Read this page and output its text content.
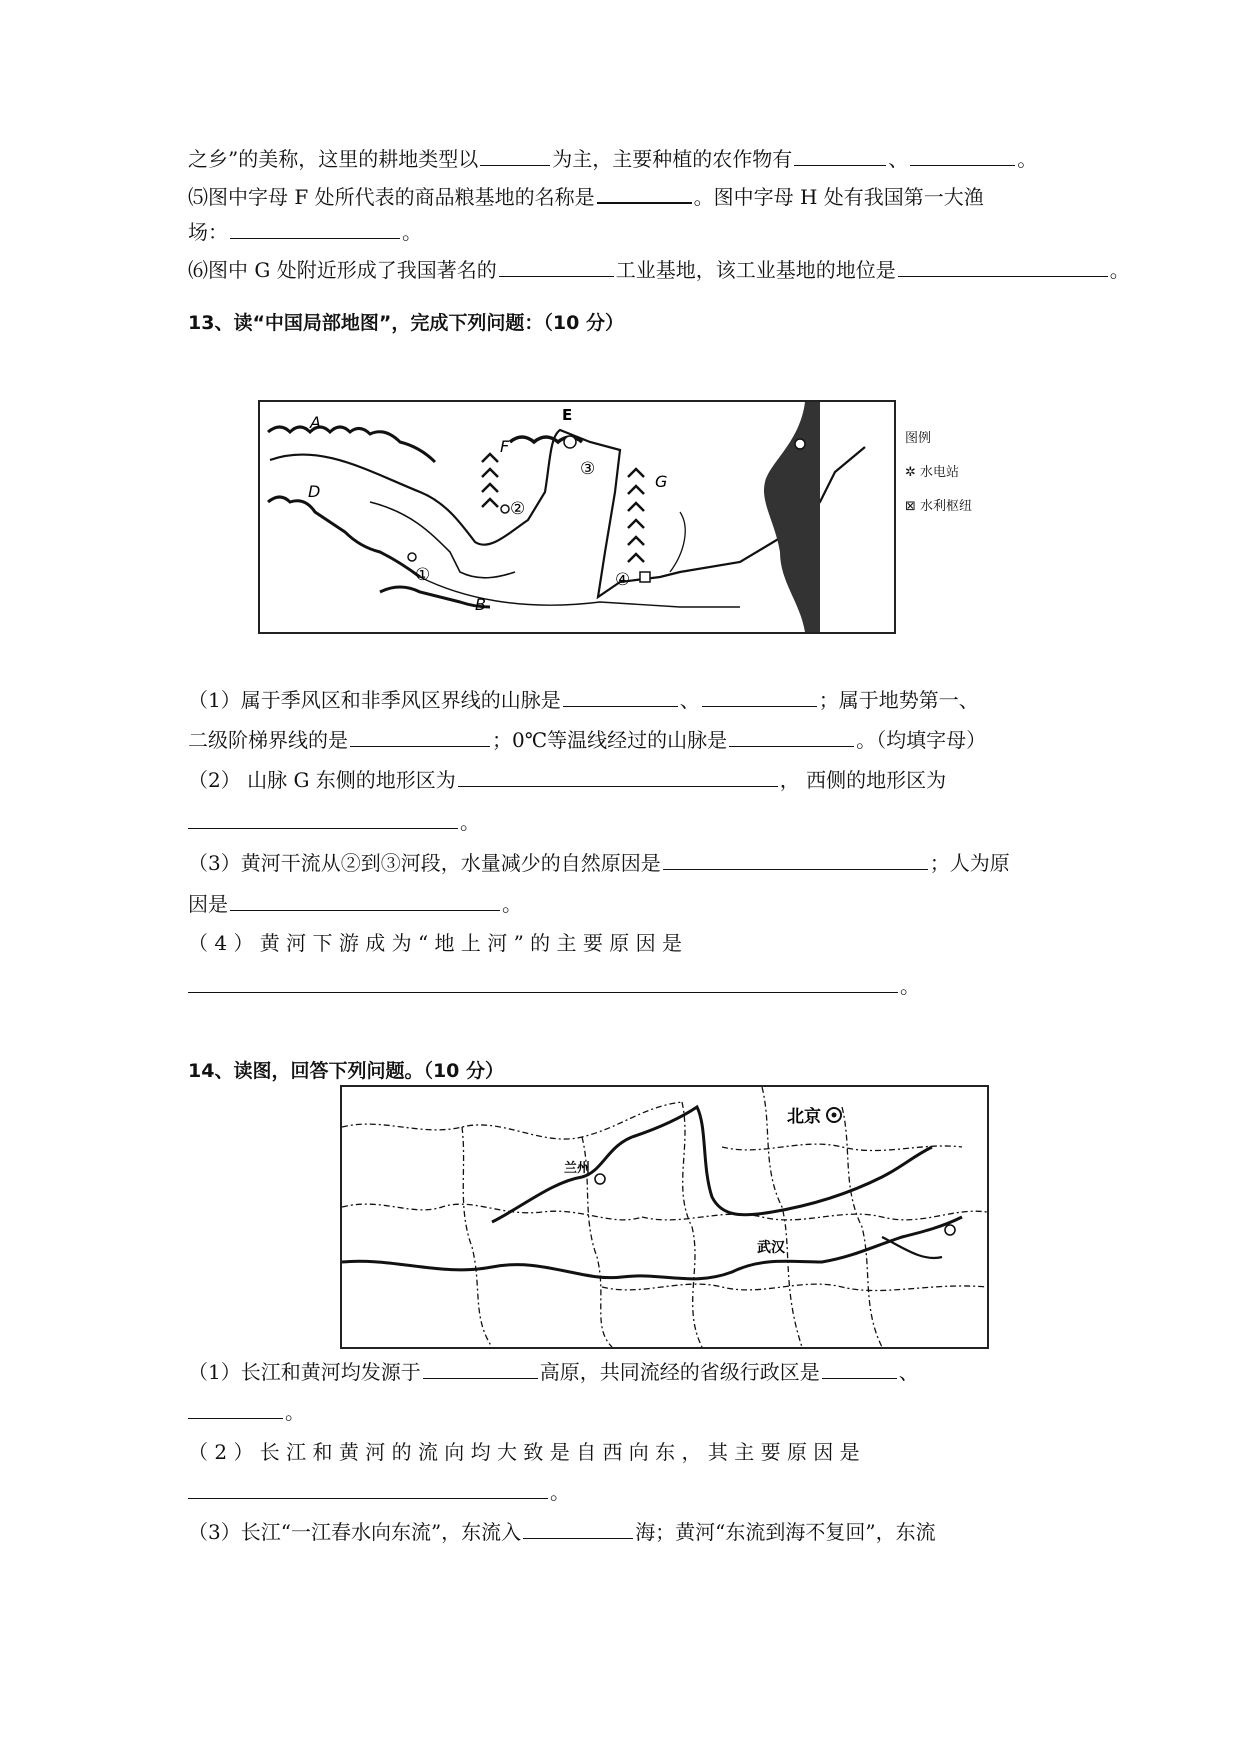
之乡”的美称，这里的耕地类型以	为主，主要种植的农作物有	、	。
⑸图中字母 F 处所代表的商品粮基地的名称是	。图中字母 H 处有我国第一大渔
场：	。
⑹图中 G 处附近形成了我国著名的	工业基地，该工业基地的地位是	。
13、读“中国局部地图”，完成下列问题：（10 分）
A
B
D
E
F
G
①
②
③
④
图例
✲ 水电站
⊠ 水利枢纽
（1）属于季风区和非季风区界线的山脉是	、	；属于地势第一、
二级阶梯界线的是	；0℃等温线经过的山脉是	。（均填字母）
（2） 山脉 G 东侧的地形区为	， 西侧的地形区为
。
（3）黄河干流从②到③河段，水量减少的自然原因是	；人为原
因是	。
（ 4 ） 黄 河 下 游 成 为 “ 地 上 河 ” 的 主 要 原 因 是
。
14、读图，回答下列问题。（10 分）
北京
兰州
武汉
（1）长江和黄河均发源于	高原，共同流经的省级行政区是	、
。
（ 2 ） 长 江 和 黄 河 的 流 向 均 大 致 是 自 西 向 东 ， 其 主 要 原 因 是
。
（3）长江“一江春水向东流”，东流入	海；黄河“东流到海不复回”，东流
